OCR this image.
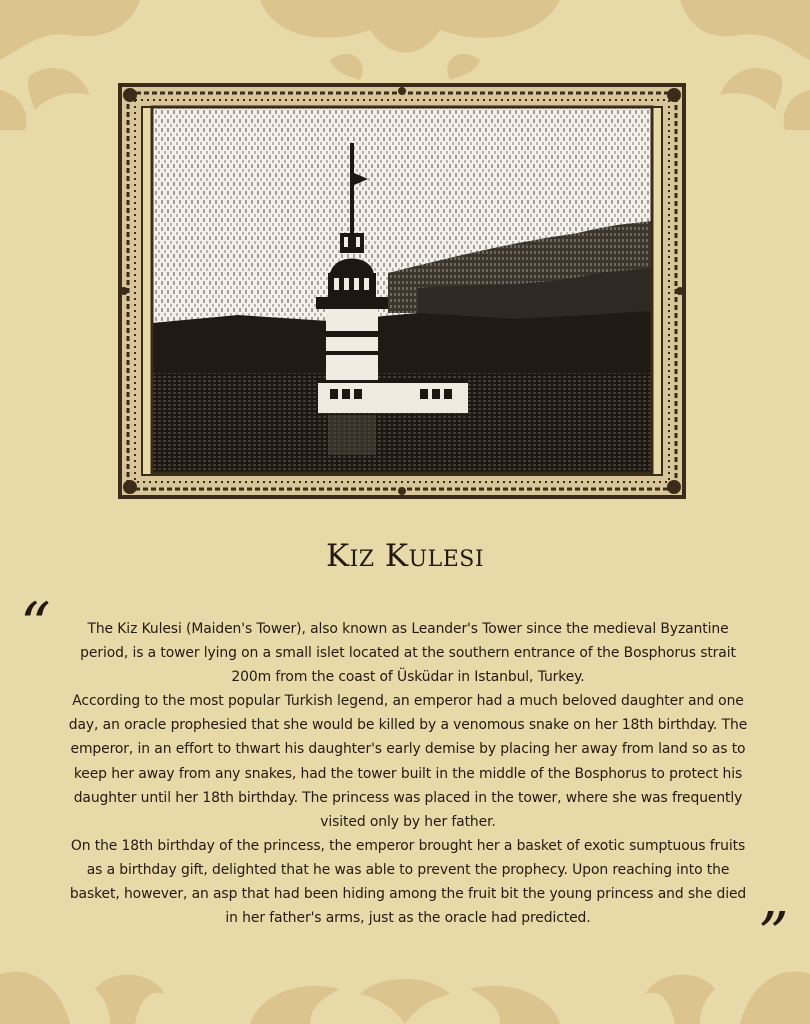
Kiz Kulesi
“	The Kiz Kulesi (Maiden's Tower), also known as Leander's Tower since the medieval Byzantine period, is a tower lying on a small islet located at the southern entrance of the Bosphorus strait 200m from the coast of Üsküdar in Istanbul, Turkey.

According to the most popular Turkish legend, an emperor had a much beloved daughter and one day, an oracle prophesied that she would be killed by a venomous snake on her 18th birthday. The emperor, in an effort to thwart his daughter's early demise by placing her away from land so as to keep her away from any snakes, had the tower built in the middle of the Bosphorus to protect his daughter until her 18th birthday. The princess was placed in the tower, where she was frequently visited only by her father.

On the 18th birthday of the princess, the emperor brought her a basket of exotic sumptuous fruits as a birthday gift, delighted that he was able to prevent the prophecy. Upon reaching into the basket, however, an asp that had been hiding among the fruit bit the young princess and she died in her father's arms, just as the oracle had predicted.	”
